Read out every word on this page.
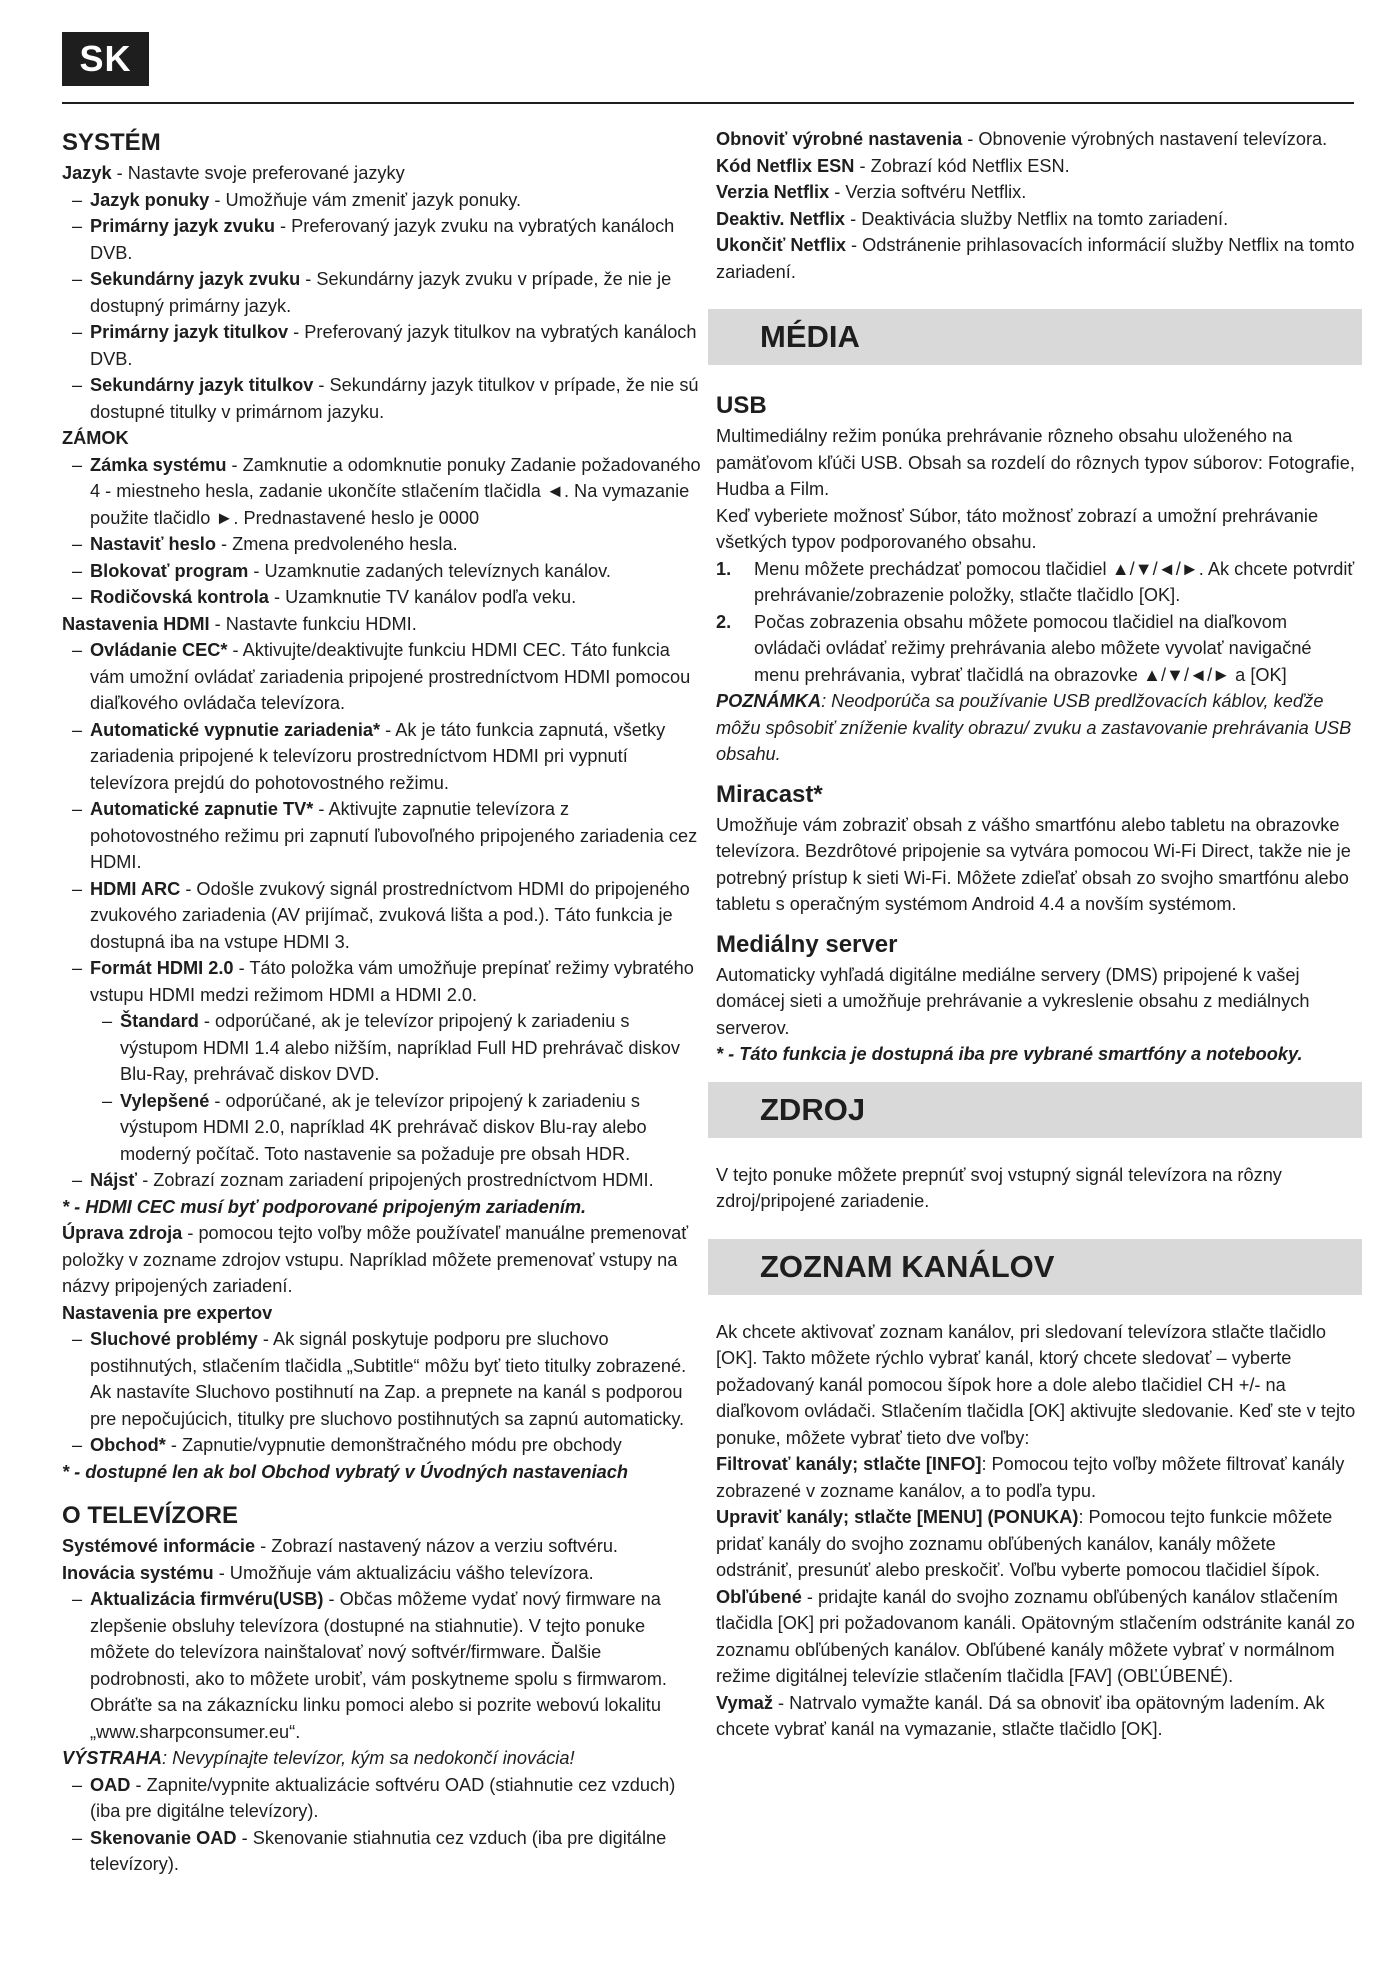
SK

SYSTÉM

Jazyk - Nastavte svoje preferované jazyky

– Jazyk ponuky - Umožňuje vám zmeniť jazyk ponuky.

– Primárny jazyk zvuku - Preferovaný jazyk zvuku na vybratých kanáloch DVB.

– Sekundárny jazyk zvuku - Sekundárny jazyk zvuku v prípade, že nie je dostupný primárny jazyk.

– Primárny jazyk titulkov - Preferovaný jazyk titulkov na vybratých kanáloch DVB.

– Sekundárny jazyk titulkov - Sekundárny jazyk titulkov v prípade, že nie sú dostupné titulky v primárnom jazyku.

ZÁMOK

– Zámka systému - Zamknutie a odomknutie ponuky Zadanie požadovaného 4 - miestneho hesla, zadanie ukončíte stlačením tlačidla ◄. Na vymazanie použite tlačidlo ►. Prednastavené heslo je 0000

– Nastaviť heslo - Zmena predvoleného hesla.

– Blokovať program - Uzamknutie zadaných televíznych kanálov.

– Rodičovská kontrola - Uzamknutie TV kanálov podľa veku.

Nastavenia HDMI - Nastavte funkciu HDMI.

– Ovládanie CEC* - Aktivujte/deaktivujte funkciu HDMI CEC. Táto funkcia vám umožní ovládať zariadenia pripojené prostredníctvom HDMI pomocou diaľkového ovládača televízora.

– Automatické vypnutie zariadenia* - Ak je táto funkcia zapnutá, všetky zariadenia pripojené k televízoru prostredníctvom HDMI pri vypnutí televízora prejdú do pohotovostného režimu.

– Automatické zapnutie TV* - Aktivujte zapnutie televízora z pohotovostného režimu pri zapnutí ľubovoľného pripojeného zariadenia cez HDMI.

– HDMI ARC - Odošle zvukový signál prostredníctvom HDMI do pripojeného zvukového zariadenia (AV prijímač, zvuková lišta a pod.). Táto funkcia je dostupná iba na vstupe HDMI 3.

– Formát HDMI 2.0 - Táto položka vám umožňuje prepínať režimy vybratého vstupu HDMI medzi režimom HDMI a HDMI 2.0.

– Štandard - odporúčané, ak je televízor pripojený k zariadeniu s výstupom HDMI 1.4 alebo nižším, napríklad Full HD prehrávač diskov Blu-Ray, prehrávač diskov DVD.

– Vylepšené - odporúčané, ak je televízor pripojený k zariadeniu s výstupom HDMI 2.0, napríklad 4K prehrávač diskov Blu-ray alebo moderný počítač. Toto nastavenie sa požaduje pre obsah HDR.

– Nájsť - Zobrazí zoznam zariadení pripojených prostredníctvom HDMI.

* - HDMI CEC musí byť podporované pripojeným zariadením.

Úprava zdroja - pomocou tejto voľby môže používateľ manuálne premenovať položky v zozname zdrojov vstupu. Napríklad môžete premenovať vstupy na názvy pripojených zariadení.

Nastavenia pre expertov

– Sluchové problémy - Ak signál poskytuje podporu pre sluchovo postihnutých, stlačením tlačidla „Subtitle“ môžu byť tieto titulky zobrazené. Ak nastavíte Sluchovo postihnutí na Zap. a prepnete na kanál s podporou pre nepočujúcich, titulky pre sluchovo postihnutých sa zapnú automaticky.

– Obchod* - Zapnutie/vypnutie demonštračného módu pre obchody

* - dostupné len ak bol Obchod vybratý v Úvodných nastaveniach

O TELEVÍZORE

Systémové informácie - Zobrazí nastavený názov a verziu softvéru.

Inovácia systému - Umožňuje vám aktualizáciu vášho televízora.

– Aktualizácia firmvéru(USB) - Občas môžeme vydať nový firmware na zlepšenie obsluhy televízora (dostupné na stiahnutie). V tejto ponuke môžete do televízora nainštalovať nový softvér/firmware. Ďalšie podrobnosti, ako to môžete urobiť, vám poskytneme spolu s firmwarom. Obráťte sa na zákaznícku linku pomoci alebo si pozrite webovú lokalitu „www.sharpconsumer.eu“.

VÝSTRAHA: Nevypínajte televízor, kým sa nedokončí inovácia!

– OAD - Zapnite/vypnite aktualizácie softvéru OAD (stiahnutie cez vzduch) (iba pre digitálne televízory).

– Skenovanie OAD - Skenovanie stiahnutia cez vzduch (iba pre digitálne televízory).

Obnoviť výrobné nastavenia - Obnovenie výrobných nastavení televízora.

Kód Netflix ESN - Zobrazí kód Netflix ESN.

Verzia Netflix - Verzia softvéru Netflix.

Deaktiv. Netflix - Deaktivácia služby Netflix na tomto zariadení.

Ukončiť Netflix - Odstránenie prihlasovacích informácií služby Netflix na tomto zariadení.

MÉDIA

USB

Multimediálny režim ponúka prehrávanie rôzneho obsahu uloženého na pamäťovom kľúči USB. Obsah sa rozdelí do rôznych typov súborov: Fotografie, Hudba a Film.

Keď vyberiete možnosť Súbor, táto možnosť zobrazí a umožní prehrávanie všetkých typov podporovaného obsahu.

1. Menu môžete prechádzať pomocou tlačidiel ▲/▼/◄/►. Ak chcete potvrdiť prehrávanie/zobrazenie položky, stlačte tlačidlo [OK].

2. Počas zobrazenia obsahu môžete pomocou tlačidiel na diaľkovom ovládači ovládať režimy prehrávania alebo môžete vyvolať navigačné menu prehrávania, vybrať tlačidlá na obrazovke ▲/▼/◄/► a [OK]

POZNÁMKA: Neodporúča sa používanie USB predlžovacích káblov, keďže môžu spôsobiť zníženie kvality obrazu/ zvuku a zastavovanie prehrávania USB obsahu.

Miracast*

Umožňuje vám zobraziť obsah z vášho smartfónu alebo tabletu na obrazovke televízora. Bezdrôtové pripojenie sa vytvára pomocou Wi-Fi Direct, takže nie je potrebný prístup k sieti Wi-Fi. Môžete zdieľať obsah zo svojho smartfónu alebo tabletu s operačným systémom Android 4.4 a novším systémom.

Mediálny server

Automaticky vyhľadá digitálne mediálne servery (DMS) pripojené k vašej domácej sieti a umožňuje prehrávanie a vykreslenie obsahu z mediálnych serverov.

* - Táto funkcia je dostupná iba pre vybrané smartfóny a notebooky.

ZDROJ

V tejto ponuke môžete prepnúť svoj vstupný signál televízora na rôzny zdroj/pripojené zariadenie.

ZOZNAM KANÁLOV

Ak chcete aktivovať zoznam kanálov, pri sledovaní televízora stlačte tlačidlo [OK]. Takto môžete rýchlo vybrať kanál, ktorý chcete sledovať – vyberte požadovaný kanál pomocou šípok hore a dole alebo tlačidiel CH +/- na diaľkovom ovládači. Stlačením tlačidla [OK] aktivujte sledovanie. Keď ste v tejto ponuke, môžete vybrať tieto dve voľby:

Filtrovať kanály; stlačte [INFO]: Pomocou tejto voľby môžete filtrovať kanály zobrazené v zozname kanálov, a to podľa typu.

Upraviť kanály; stlačte [MENU] (PONUKA): Pomocou tejto funkcie môžete pridať kanály do svojho zoznamu obľúbených kanálov, kanály môžete odstrániť, presunúť alebo preskočiť. Voľbu vyberte pomocou tlačidiel šípok.

Obľúbené - pridajte kanál do svojho zoznamu obľúbených kanálov stlačením tlačidla [OK] pri požadovanom kanáli. Opätovným stlačením odstránite kanál zo zoznamu obľúbených kanálov. Obľúbené kanály môžete vybrať v normálnom režime digitálnej televízie stlačením tlačidla [FAV] (OBĽÚBENÉ).

Vymaž - Natrvalo vymažte kanál. Dá sa obnoviť iba opätovným ladením. Ak chcete vybrať kanál na vymazanie, stlačte tlačidlo [OK].
